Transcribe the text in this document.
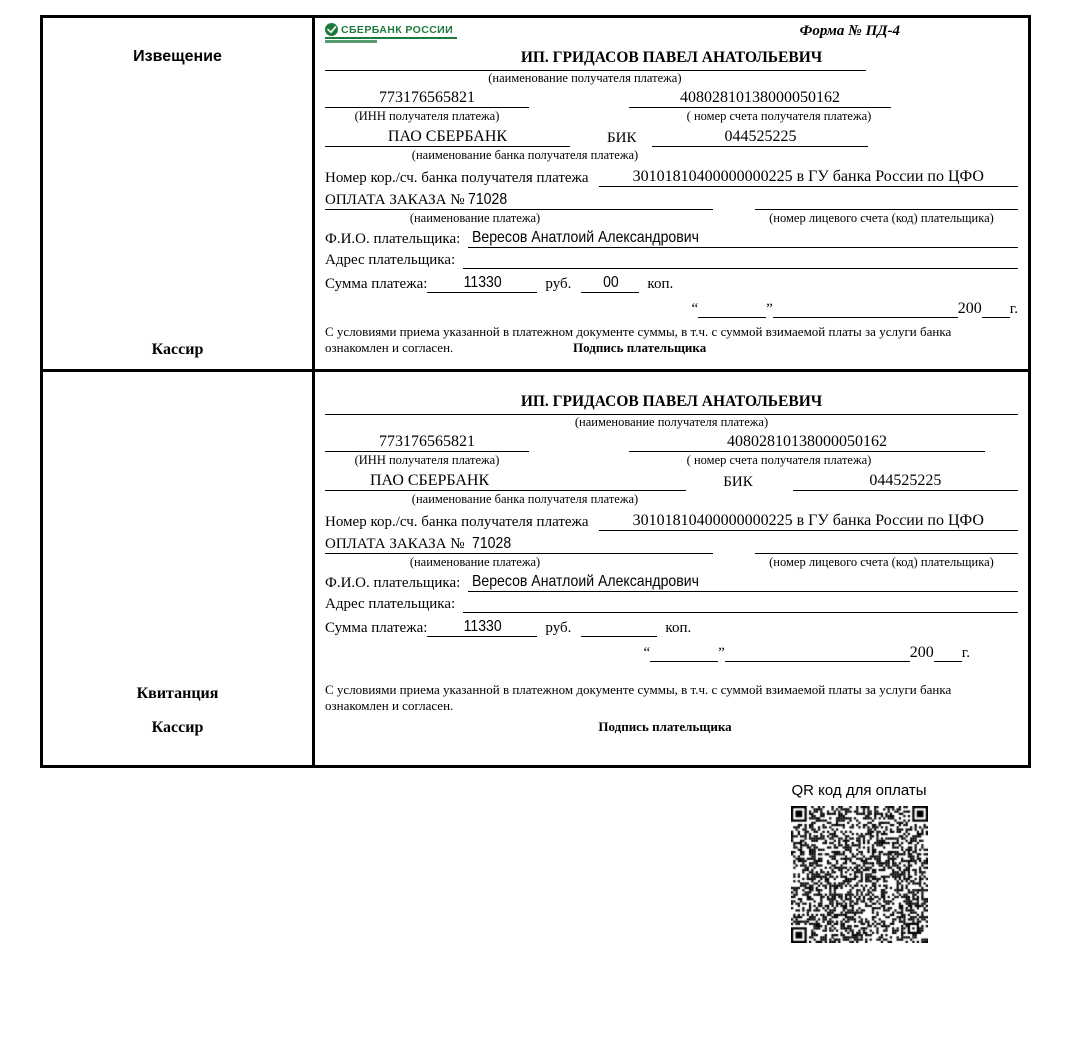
Извещение
Кассир
СБЕРБАНК РОССИИ	Форма № ПД-4
ИП. ГРИДАСОВ ПАВЕЛ АНАТОЛЬЕВИЧ
(наименование получателя платежа)
773176565821	40802810138000050162
(ИНН получателя платежа)	( номер счета получателя платежа)
ПАО СБЕРБАНК	БИК	044525225
(наименование банка получателя платежа)
Номер кор./сч. банка получателя платежа	30101810400000000225 в ГУ банка России по ЦФО
ОПЛАТА ЗАКАЗА № 71028
(наименование платежа)	(номер лицевого счета (код) плательщика)
Ф.И.О. плательщика: Вересов Анатлоий Александрович
Адрес плательщика:
Сумма платежа:	11330	руб.	00	коп.
“	”	200 г.
С условиями приема указанной в платежном документе суммы, в т.ч. с суммой взимаемой платы за услуги банка ознакомлен и согласен.	Подпись плательщика
Квитанция
Кассир
ИП. ГРИДАСОВ ПАВЕЛ АНАТОЛЬЕВИЧ
(наименование получателя платежа)
773176565821	40802810138000050162
(ИНН получателя платежа)	( номер счета получателя платежа)
ПАО СБЕРБАНК	БИК	044525225
(наименование банка получателя платежа)
Номер кор./сч. банка получателя платежа	30101810400000000225 в ГУ банка России по ЦФО
ОПЛАТА ЗАКАЗА № 71028
(наименование платежа)	(номер лицевого счета (код) плательщика)
Ф.И.О. плательщика: Вересов Анатлоий Александрович
Адрес плательщика:
Сумма платежа:	11330	руб.	коп.
“	”	200 г.
С условиями приема указанной в платежном документе суммы, в т.ч. с суммой взимаемой платы за услуги банка ознакомлен и согласен.
Подпись плательщика
QR код для оплаты
